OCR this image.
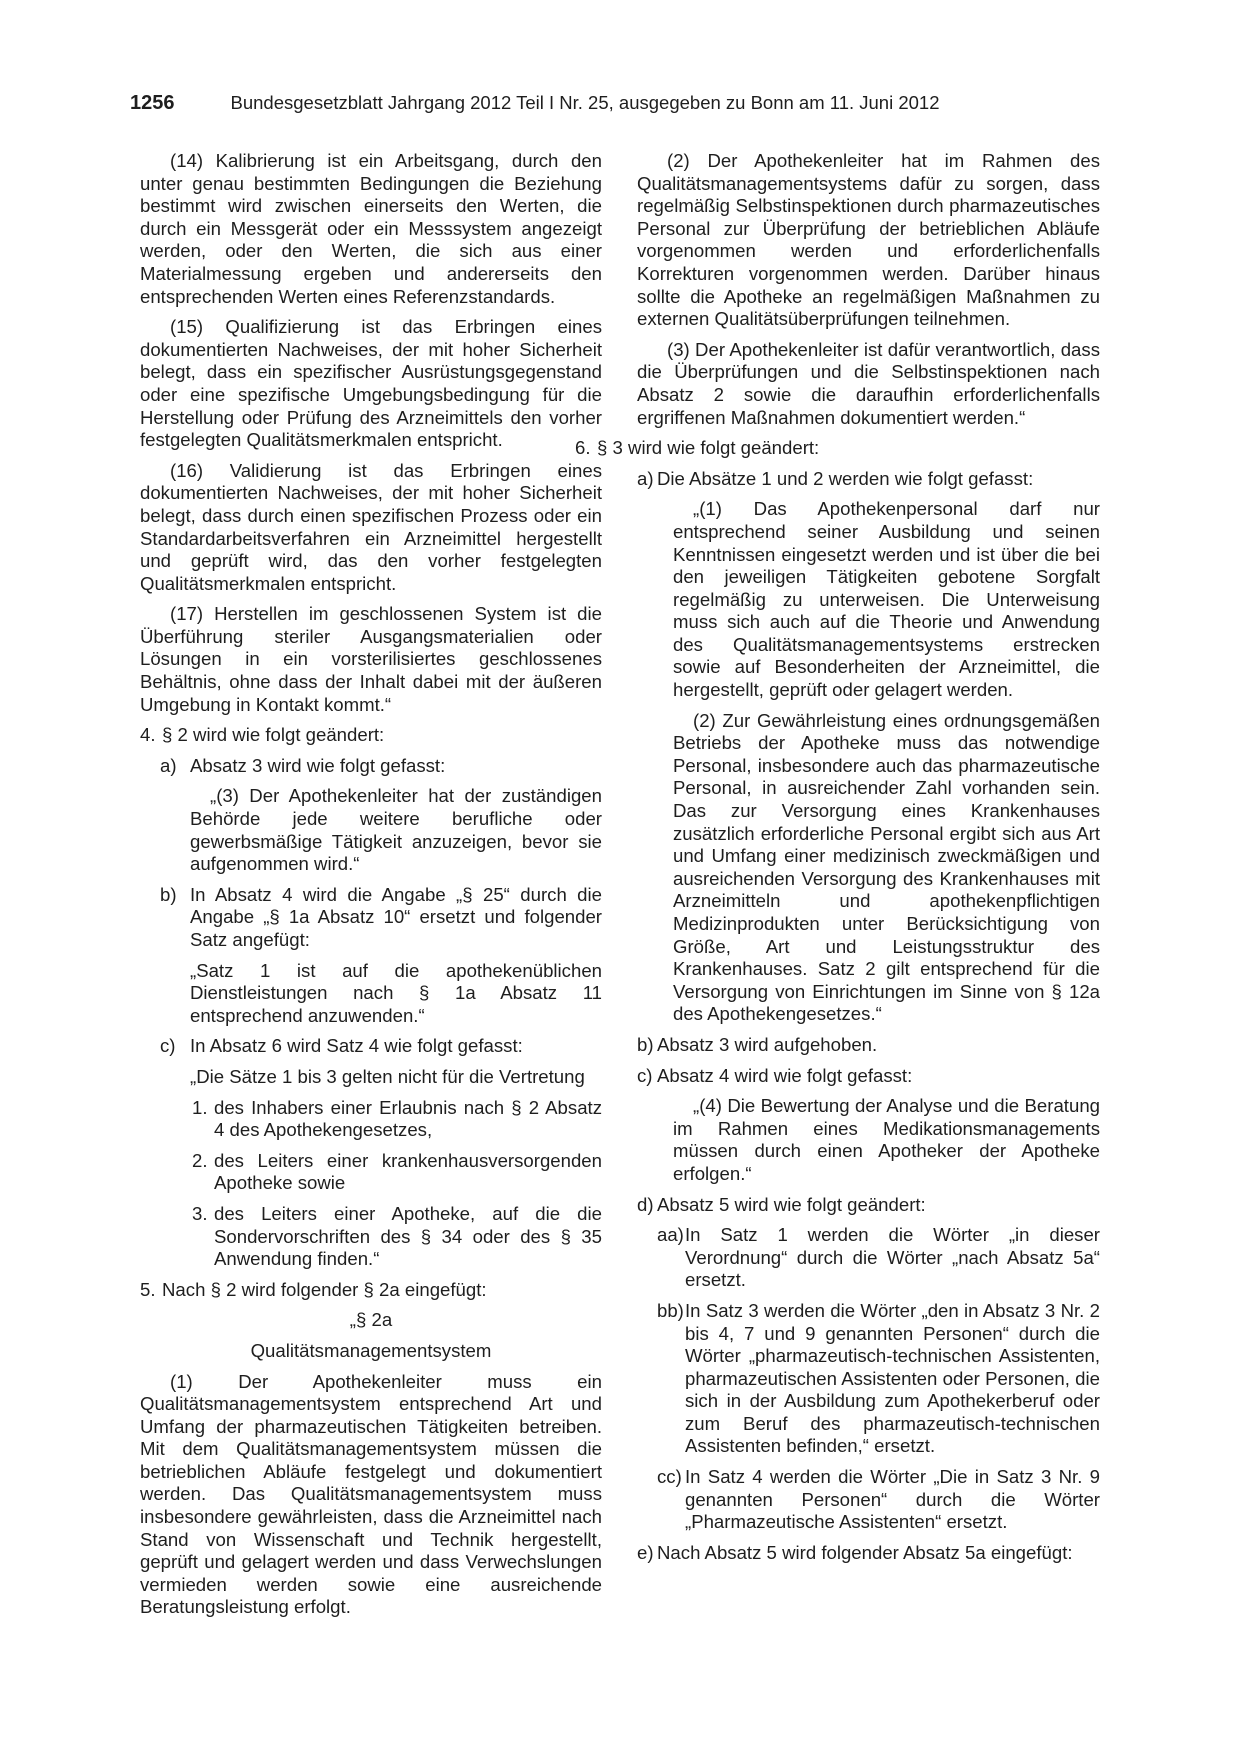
1256	Bundesgesetzblatt Jahrgang 2012 Teil I Nr. 25, ausgegeben zu Bonn am 11. Juni 2012

(14) Kalibrierung ist ein Arbeitsgang, durch den unter genau bestimmten Bedingungen die Beziehung bestimmt wird zwischen einerseits den Werten, die durch ein Messgerät oder ein Messsystem angezeigt werden, oder den Werten, die sich aus einer Materialmessung ergeben und andererseits den entsprechenden Werten eines Referenzstandards.

(15) Qualifizierung ist das Erbringen eines dokumentierten Nachweises, der mit hoher Sicherheit belegt, dass ein spezifischer Ausrüstungsgegenstand oder eine spezifische Umgebungsbedingung für die Herstellung oder Prüfung des Arzneimittels den vorher festgelegten Qualitätsmerkmalen entspricht.

(16) Validierung ist das Erbringen eines dokumentierten Nachweises, der mit hoher Sicherheit belegt, dass durch einen spezifischen Prozess oder ein Standardarbeitsverfahren ein Arzneimittel hergestellt und geprüft wird, das den vorher festgelegten Qualitätsmerkmalen entspricht.

(17) Herstellen im geschlossenen System ist die Überführung steriler Ausgangsmaterialien oder Lösungen in ein vorsterilisiertes geschlossenes Behältnis, ohne dass der Inhalt dabei mit der äußeren Umgebung in Kontakt kommt.“

4. § 2 wird wie folgt geändert:
a) Absatz 3 wird wie folgt gefasst:

„(3) Der Apothekenleiter hat der zuständigen Behörde jede weitere berufliche oder gewerbsmäßige Tätigkeit anzuzeigen, bevor sie aufgenommen wird.“

b) In Absatz 4 wird die Angabe „§ 25“ durch die Angabe „§ 1a Absatz 10“ ersetzt und folgender Satz angefügt:

„Satz 1 ist auf die apothekenüblichen Dienstleistungen nach § 1a Absatz 11 entsprechend anzuwenden.“

c) In Absatz 6 wird Satz 4 wie folgt gefasst:

„Die Sätze 1 bis 3 gelten nicht für die Vertretung

1. des Inhabers einer Erlaubnis nach § 2 Absatz 4 des Apothekengesetzes,
2. des Leiters einer krankenhausversorgenden Apotheke sowie
3. des Leiters einer Apotheke, auf die die Sondervorschriften des § 34 oder des § 35 Anwendung finden.“
5. Nach § 2 wird folgender § 2a eingefügt:
„§ 2a
Qualitätsmanagementsystem

(1) Der Apothekenleiter muss ein Qualitätsmanagementsystem entsprechend Art und Umfang der pharmazeutischen Tätigkeiten betreiben. Mit dem Qualitätsmanagementsystem müssen die betrieblichen Abläufe festgelegt und dokumentiert werden. Das Qualitätsmanagementsystem muss insbesondere gewährleisten, dass die Arzneimittel nach Stand von Wissenschaft und Technik hergestellt, geprüft und gelagert werden und dass Verwechslungen vermieden werden sowie eine ausreichende Beratungsleistung erfolgt.

(2) Der Apothekenleiter hat im Rahmen des Qualitätsmanagementsystems dafür zu sorgen, dass regelmäßig Selbstinspektionen durch pharmazeutisches Personal zur Überprüfung der betrieblichen Abläufe vorgenommen werden und erforderlichenfalls Korrekturen vorgenommen werden. Darüber hinaus sollte die Apotheke an regelmäßigen Maßnahmen zu externen Qualitätsüberprüfungen teilnehmen.

(3) Der Apothekenleiter ist dafür verantwortlich, dass die Überprüfungen und die Selbstinspektionen nach Absatz 2 sowie die daraufhin erforderlichenfalls ergriffenen Maßnahmen dokumentiert werden.“

6. § 3 wird wie folgt geändert:
a) Die Absätze 1 und 2 werden wie folgt gefasst:

„(1) Das Apothekenpersonal darf nur entsprechend seiner Ausbildung und seinen Kenntnissen eingesetzt werden und ist über die bei den jeweiligen Tätigkeiten gebotene Sorgfalt regelmäßig zu unterweisen. Die Unterweisung muss sich auch auf die Theorie und Anwendung des Qualitätsmanagementsystems erstrecken sowie auf Besonderheiten der Arzneimittel, die hergestellt, geprüft oder gelagert werden.

(2) Zur Gewährleistung eines ordnungsgemäßen Betriebs der Apotheke muss das notwendige Personal, insbesondere auch das pharmazeutische Personal, in ausreichender Zahl vorhanden sein. Das zur Versorgung eines Krankenhauses zusätzlich erforderliche Personal ergibt sich aus Art und Umfang einer medizinisch zweckmäßigen und ausreichenden Versorgung des Krankenhauses mit Arzneimitteln und apothekenpflichtigen Medizinprodukten unter Berücksichtigung von Größe, Art und Leistungsstruktur des Krankenhauses. Satz 2 gilt entsprechend für die Versorgung von Einrichtungen im Sinne von § 12a des Apothekengesetzes.“

b) Absatz 3 wird aufgehoben.
c) Absatz 4 wird wie folgt gefasst:

„(4) Die Bewertung der Analyse und die Beratung im Rahmen eines Medikationsmanagements müssen durch einen Apotheker der Apotheke erfolgen.“

d) Absatz 5 wird wie folgt geändert:
aa) In Satz 1 werden die Wörter „in dieser Verordnung“ durch die Wörter „nach Absatz 5a“ ersetzt.
bb) In Satz 3 werden die Wörter „den in Absatz 3 Nr. 2 bis 4, 7 und 9 genannten Personen“ durch die Wörter „pharmazeutisch-technischen Assistenten, pharmazeutischen Assistenten oder Personen, die sich in der Ausbildung zum Apothekerberuf oder zum Beruf des pharmazeutisch-technischen Assistenten befinden,“ ersetzt.
cc) In Satz 4 werden die Wörter „Die in Satz 3 Nr. 9 genannten Personen“ durch die Wörter „Pharmazeutische Assistenten“ ersetzt.
e) Nach Absatz 5 wird folgender Absatz 5a eingefügt:
